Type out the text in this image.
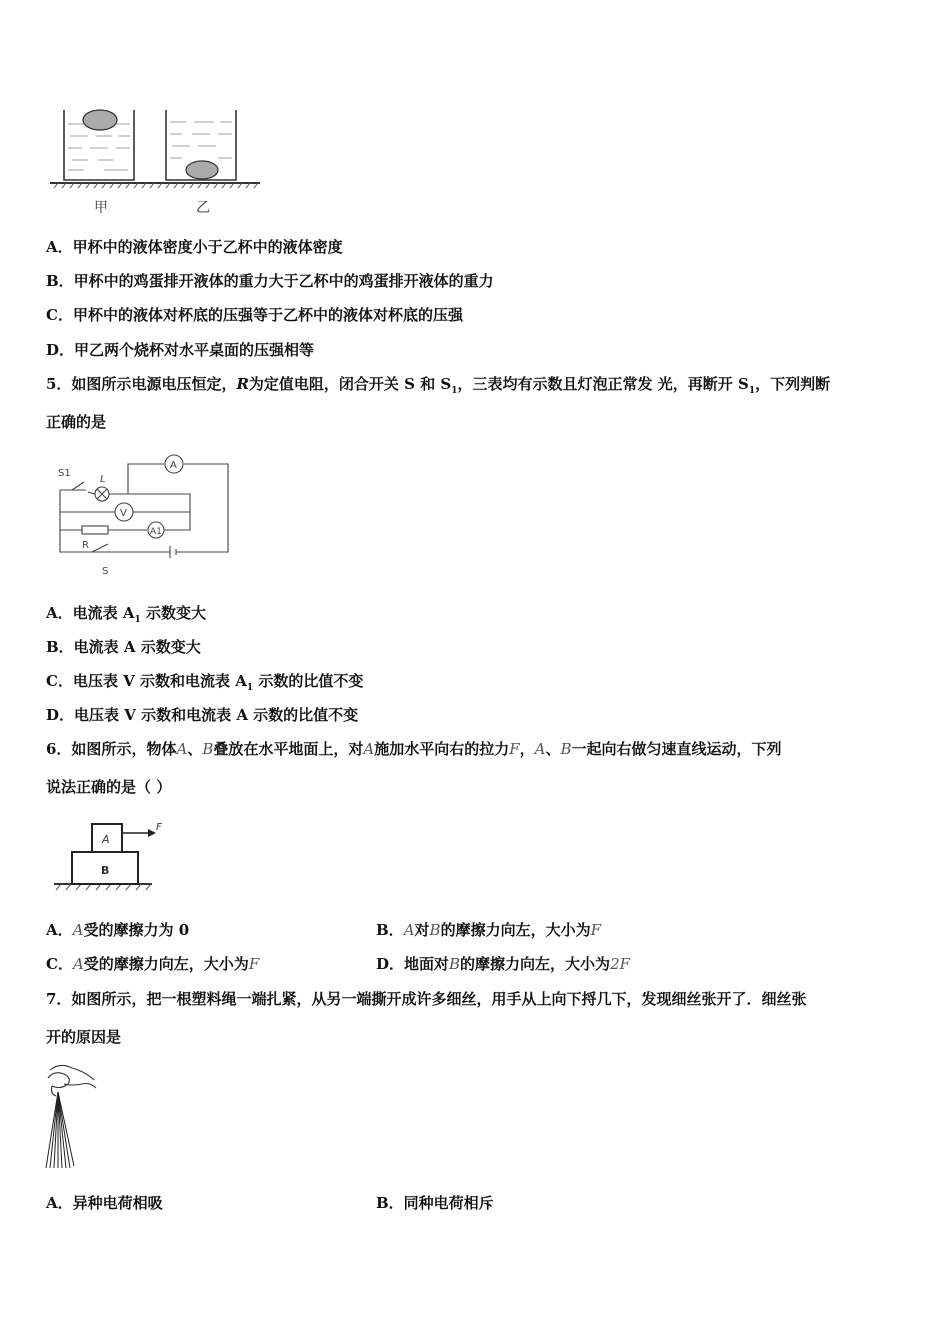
甲	乙
A．甲杯中的液体密度小于乙杯中的液体密度
B．甲杯中的鸡蛋排开液体的重力大于乙杯中的鸡蛋排开液体的重力
C．甲杯中的液体对杯底的压强等于乙杯中的液体对杯底的压强
D．甲乙两个烧杯对水平桌面的压强相等
5．如图所示电源电压恒定，R为定值电阻，闭合开关 S 和 $S_1$，三表均有示数且灯泡正常发 光，再断开 $S_1$，下列判断
正确的是
S1
L
V
A
A1
R
S
A．电流表 $A_1$ 示数变大
B．电流表 A 示数变大
C．电压表 V 示数和电流表 $A_1$ 示数的比值不变
D．电压表 V 示数和电流表 A 示数的比值不变
6．如图所示，物体A、B叠放在水平地面上，对A施加水平向右的拉力F，A、B一起向右做匀速直线运动，下列
说法正确的是（ ）
A
B
F
A．A受的摩擦力为 0	B．A对B的摩擦力向左，大小为F
C．A受的摩擦力向左，大小为F	D．地面对B的摩擦力向左，大小为2F
7．如图所示，把一根塑料绳一端扎紧，从另一端撕开成许多细丝，用手从上向下捋几下，发现细丝张开了．细丝张
开的原因是
A．异种电荷相吸	B．同种电荷相斥
